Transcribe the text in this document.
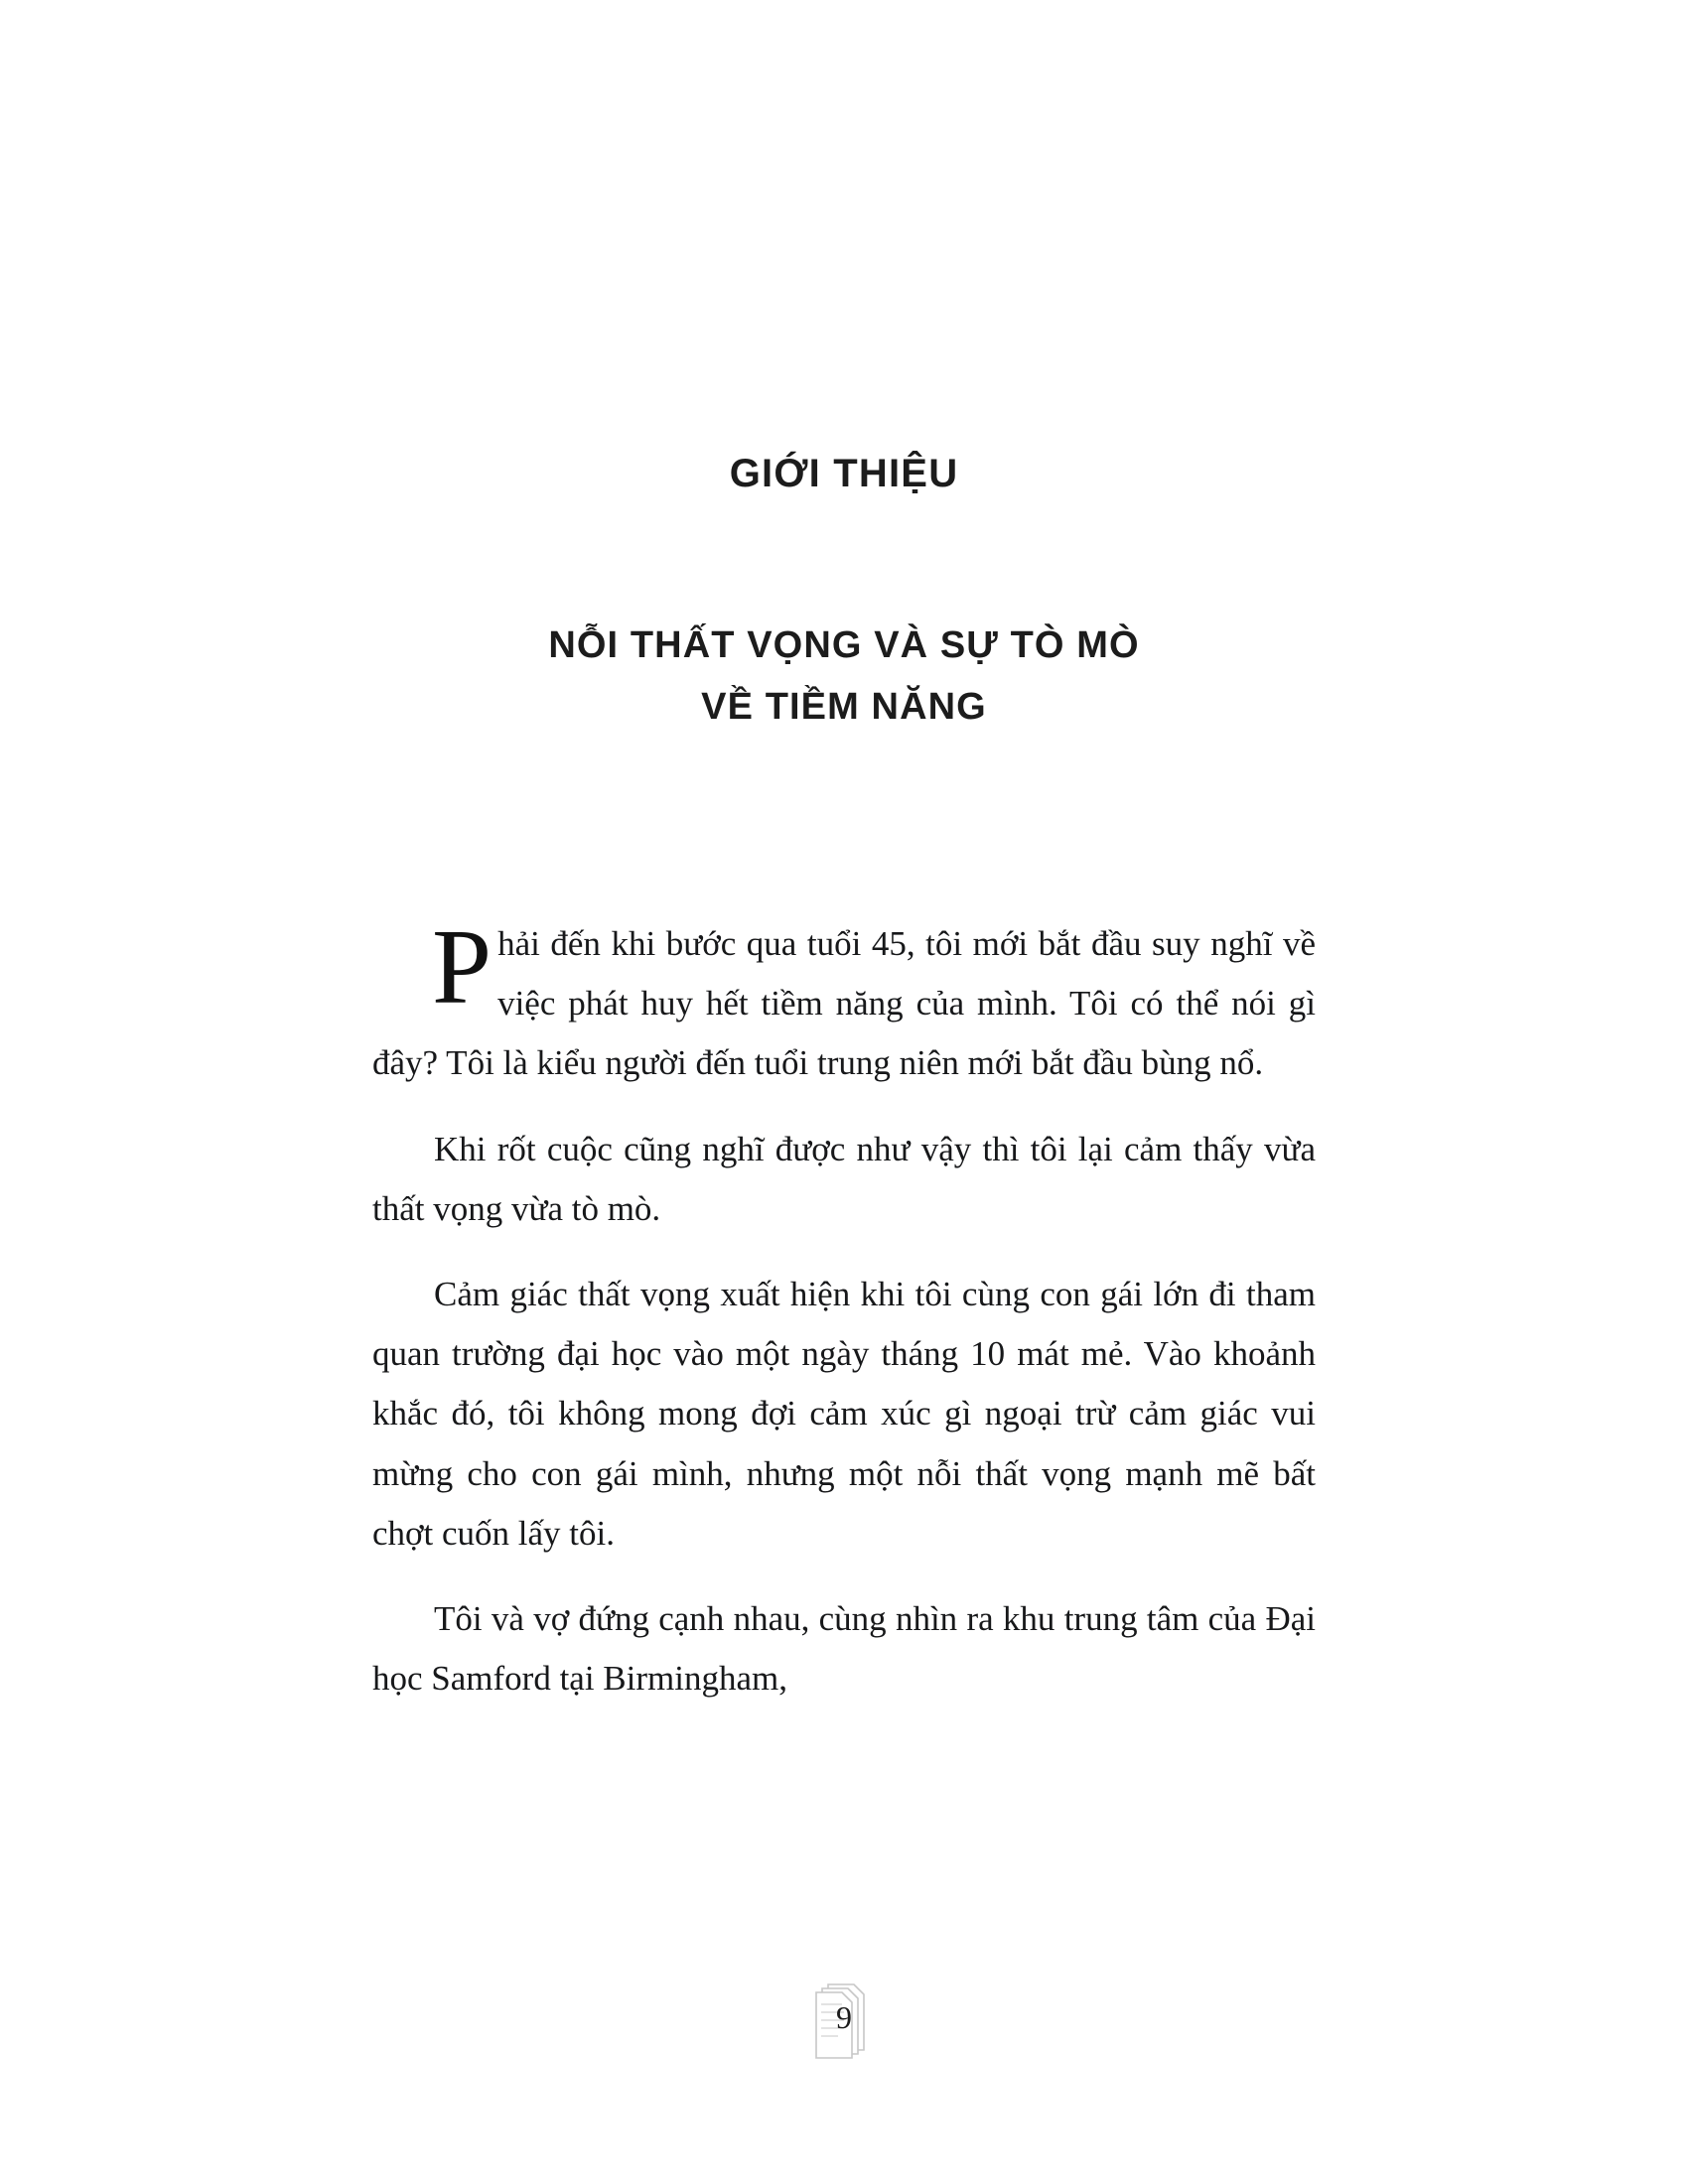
GIỚI THIỆU
NỖI THẤT VỌNG VÀ SỰ TÒ MÒ
VỀ TIỀM NĂNG

Phải đến khi bước qua tuổi 45, tôi mới bắt đầu suy nghĩ về việc phát huy hết tiềm năng của mình. Tôi có thể nói gì đây? Tôi là kiểu người đến tuổi trung niên mới bắt đầu bùng nổ.

Khi rốt cuộc cũng nghĩ được như vậy thì tôi lại cảm thấy vừa thất vọng vừa tò mò.

Cảm giác thất vọng xuất hiện khi tôi cùng con gái lớn đi tham quan trường đại học vào một ngày tháng 10 mát mẻ. Vào khoảnh khắc đó, tôi không mong đợi cảm xúc gì ngoại trừ cảm giác vui mừng cho con gái mình, nhưng một nỗi thất vọng mạnh mẽ bất chợt cuốn lấy tôi.

Tôi và vợ đứng cạnh nhau, cùng nhìn ra khu trung tâm của Đại học Samford tại Birmingham,

9
